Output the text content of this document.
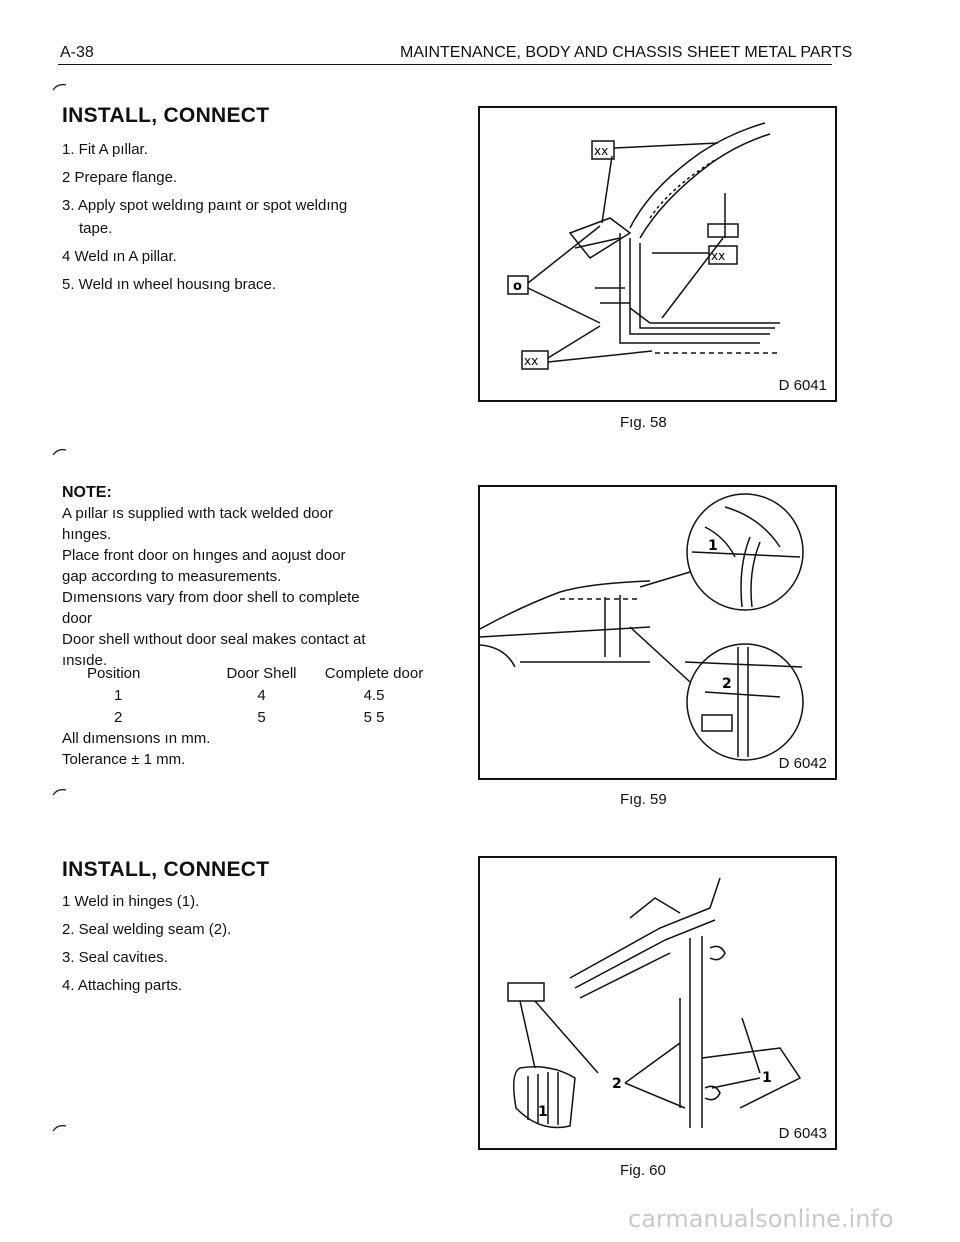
A-38	MAINTENANCE, BODY AND CHASSIS SHEET METAL PARTS
INSTALL, CONNECT
1. Fit A pıllar.
2 Prepare flange.
3. Apply spot weldıng paınt or spot weldıng
tape.
4 Weld ın A pillar.
5. Weld ın wheel housıng brace.
NOTE:
A pıllar ıs supplied wıth tack welded door
hınges.
Place front door on hınges and aoȷust door
gap accordıng to measurements.
Dımensıons vary from door shell to complete
door
Door shell wıthout door seal makes contact at
ınsıde.
Position	Door Shell	Complete door
1	4	4.5
2	5	5 5
All dımensıons ın mm.
Tolerance ± 1 mm.
INSTALL, CONNECT
1 Weld in hinges (1).
2. Seal welding seam (2).
3. Seal cavitıes.
4. Attaching parts.
xx
xx
xx
o
D 6041
Fıg. 58
1
2
D 6042
Fıg. 59
1
2	1
D 6043
Fig. 60
carmanualsonline.info
